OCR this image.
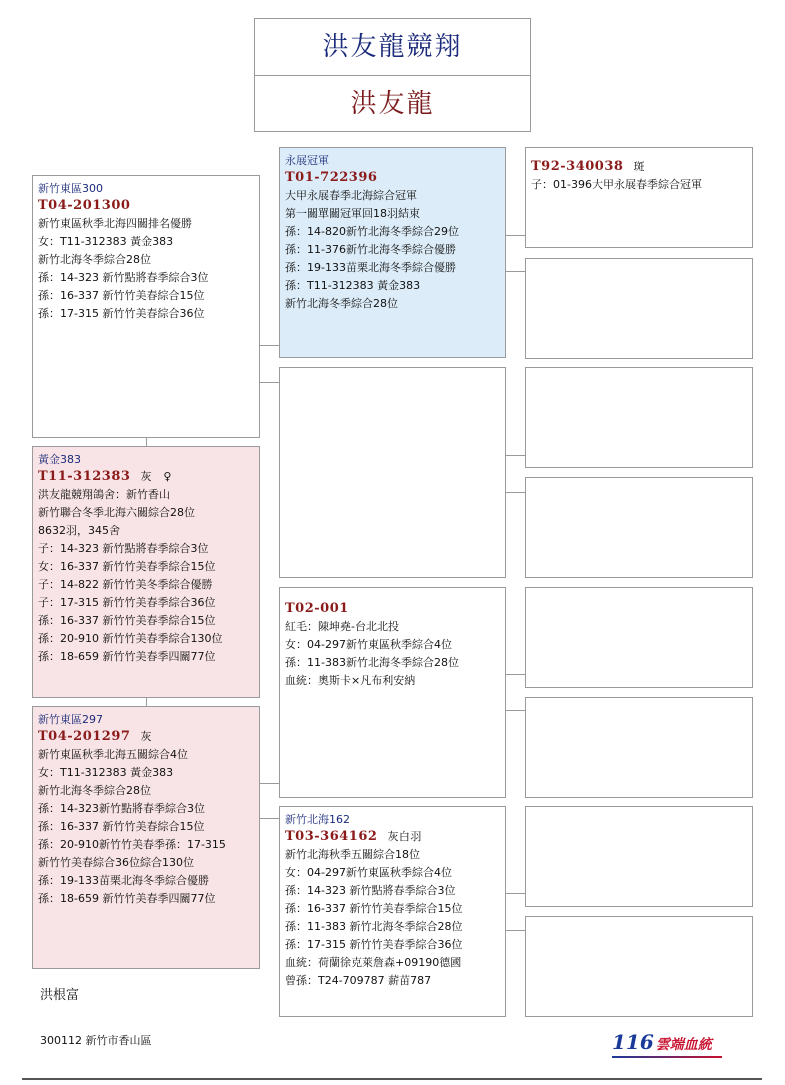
洪友龍競翔
洪友龍
新竹東區300
T04-201300
新竹東區秋季北海四關排名優勝
女：T11-312383 黃金383
新竹北海冬季綜合28位
孫：14-323 新竹點將春季綜合3位
孫：16-337 新竹竹美春綜合15位
孫：17-315 新竹竹美春綜合36位
黃金383
T11-312383 灰　♀
洪友龍競翔鴿舍：新竹香山
新竹聯合冬季北海六關綜合28位
8632羽，345舍
子：14-323 新竹點將春季綜合3位
女：16-337 新竹竹美春季綜合15位
子：14-822 新竹竹美冬季綜合優勝
子：17-315 新竹竹美春季綜合36位
孫：16-337 新竹竹美春季綜合15位
孫：20-910 新竹竹美春季綜合130位
孫：18-659 新竹竹美春季四關77位
新竹東區297
T04-201297 灰
新竹東區秋季北海五關綜合4位
女：T11-312383 黃金383
新竹北海冬季綜合28位
孫：14-323新竹點將春季綜合3位
孫：16-337 新竹竹美春綜合15位
孫：20-910新竹竹美春季孫：17-315
新竹竹美春綜合36位綜合130位
孫：19-133苗栗北海冬季綜合優勝
孫：18-659 新竹竹美春季四關77位
永展冠軍
T01-722396
大甲永展春季北海綜合冠軍
第一關單關冠軍回18羽結束
孫：14-820新竹北海冬季綜合29位
孫：11-376新竹北海冬季綜合優勝
孫：19-133苗栗北海冬季綜合優勝
孫：T11-312383 黃金383
新竹北海冬季綜合28位
T02-001
紅毛：陳坤堯-台北北投
女：04-297新竹東區秋季綜合4位
孫：11-383新竹北海冬季綜合28位
血統：奧斯卡×凡布利安納
新竹北海162
T03-364162 灰白羽
新竹北海秋季五關綜合18位
女：04-297新竹東區秋季綜合4位
孫：14-323 新竹點將春季綜合3位
孫：16-337 新竹竹美春季綜合15位
孫：11-383 新竹北海冬季綜合28位
孫：17-315 新竹竹美春季綜合36位
血統：荷蘭徐克萊詹森+09190德國
曾孫：T24-709787 薪苗787
T92-340038 斑
子：01-396大甲永展春季綜合冠軍
洪根富
300112 新竹市香山區	116 雲端血統
